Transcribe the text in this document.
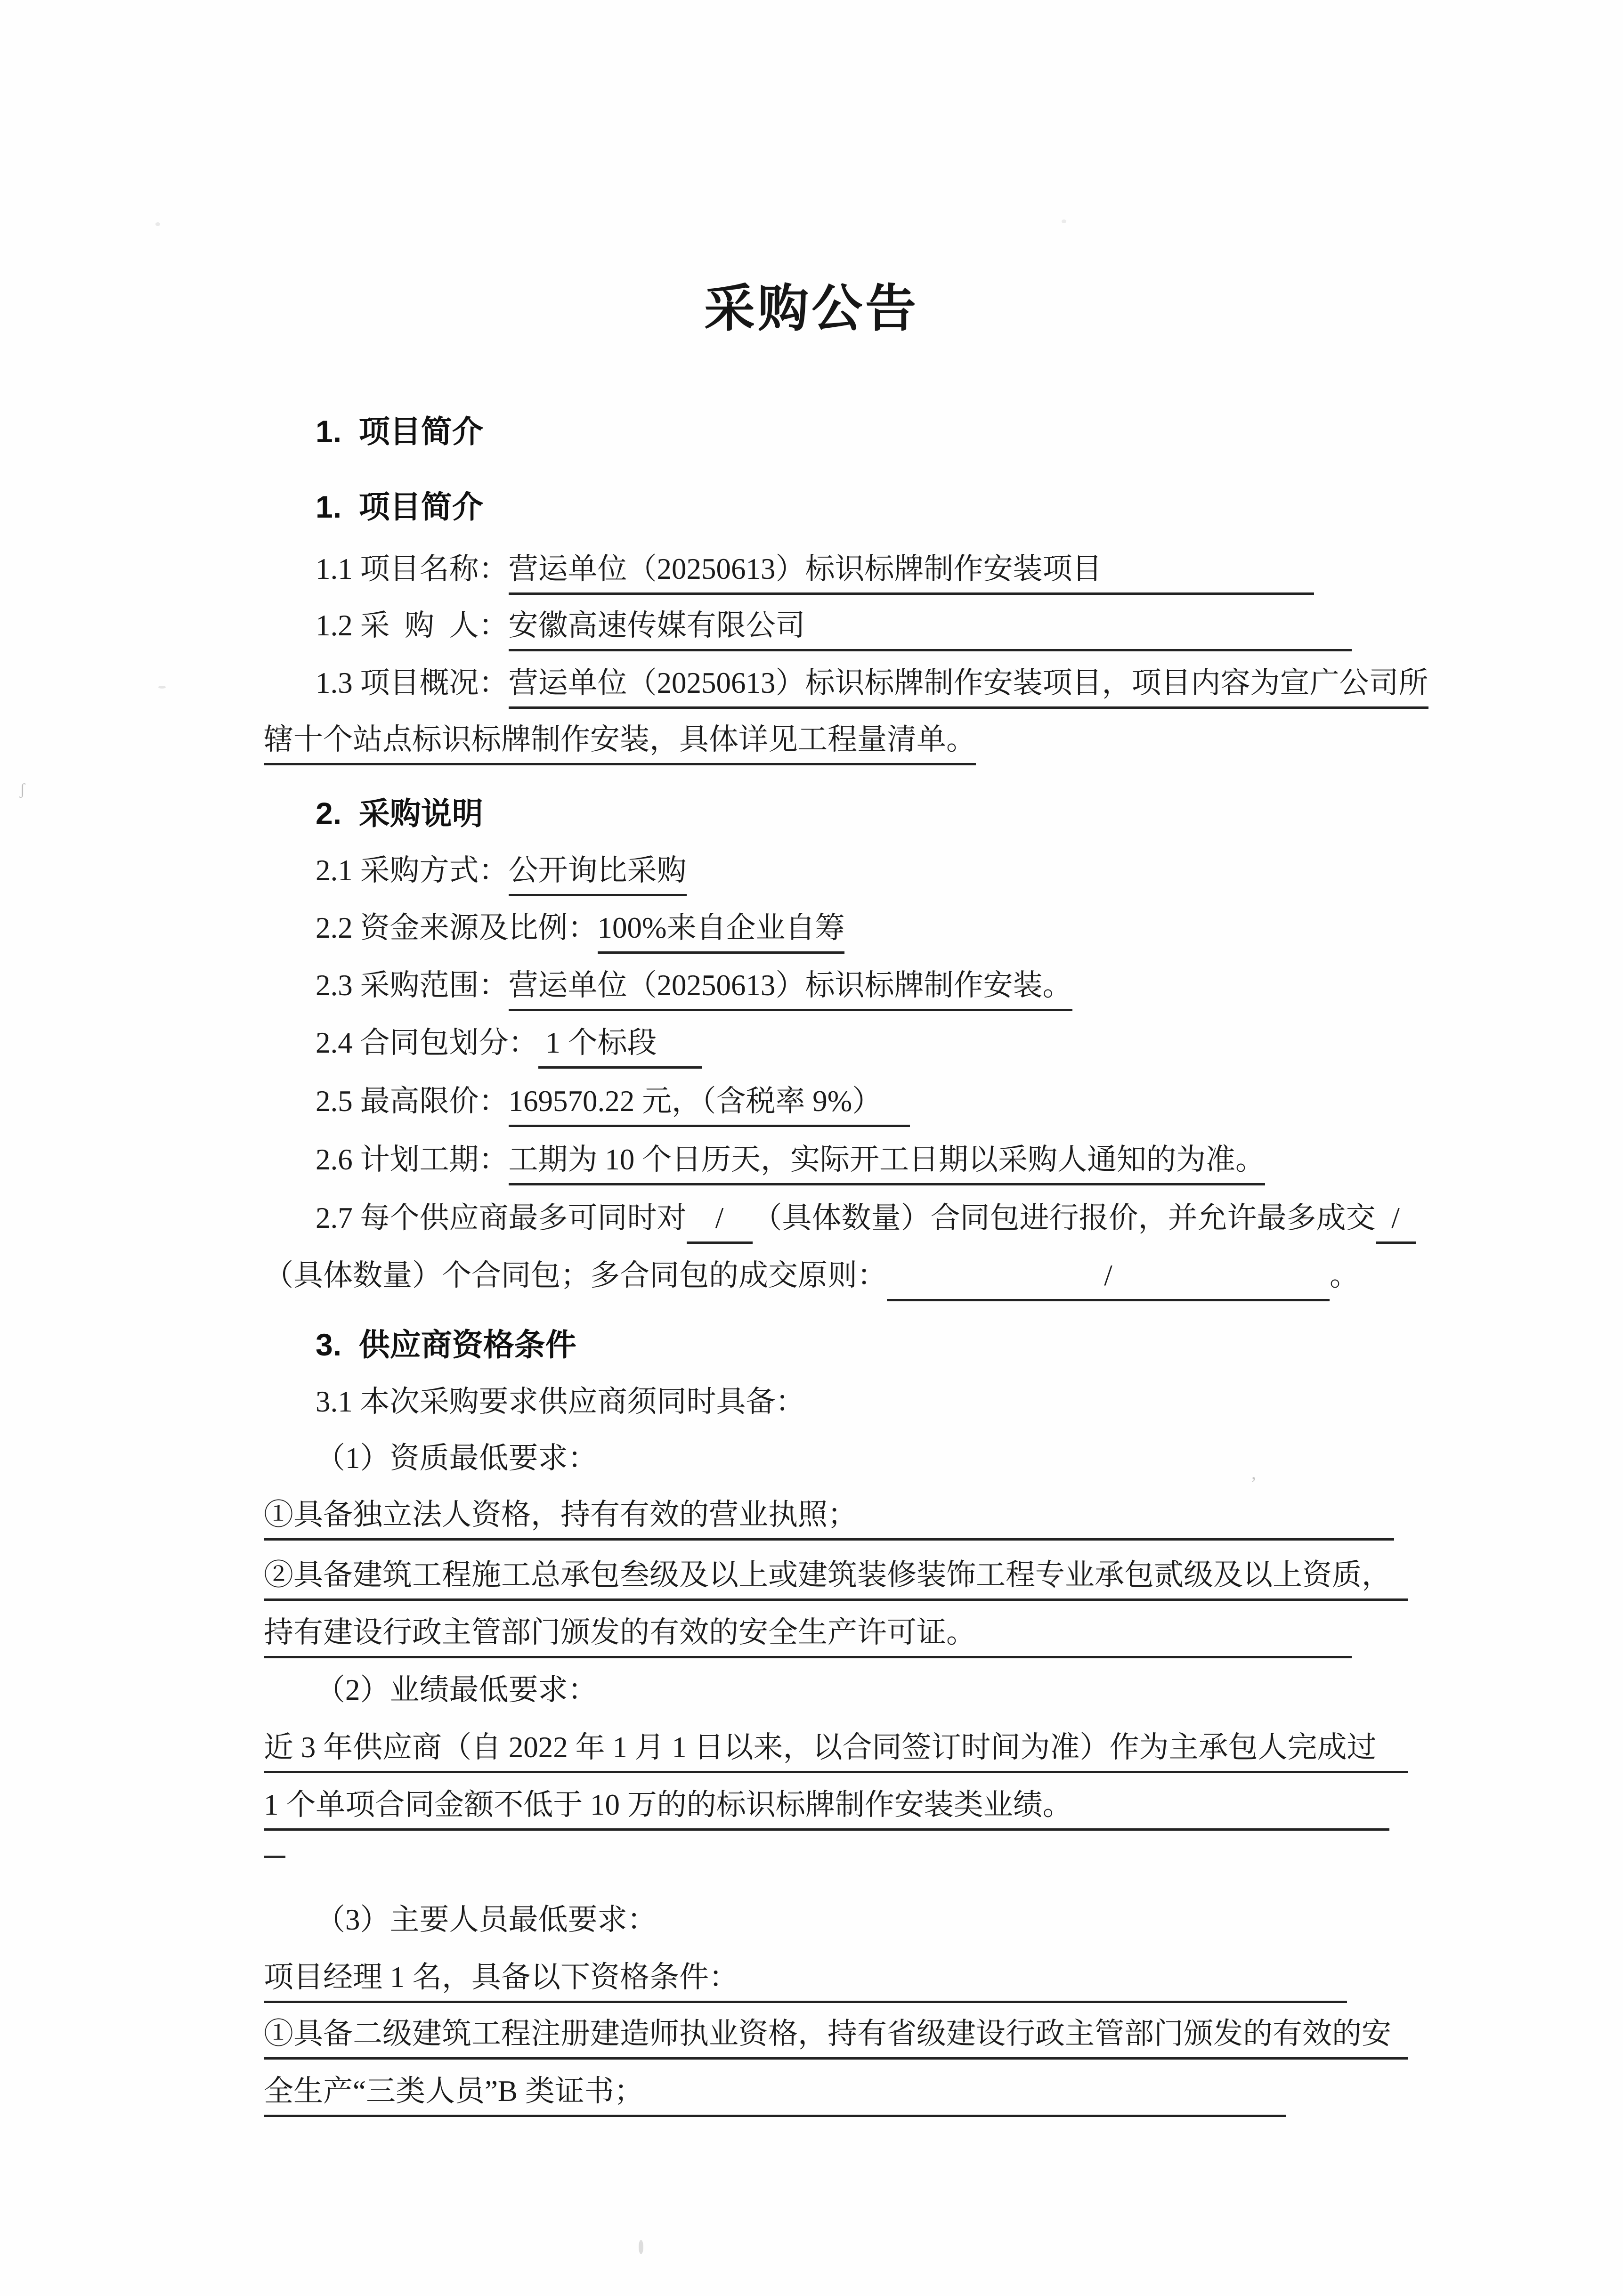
采购公告
1.  项目简介
1.  项目简介
1.1 项目名称： 营运单位（20250613）标识标牌制作安装项目
1.2 采  购  人： 安徽高速传媒有限公司
1.3 项目概况： 营运单位（20250613）标识标牌制作安装项目，项目内容为宣广公司所
辖十个站点标识标牌制作安装，具体详见工程量清单。
2.  采购说明
2.1 采购方式： 公开询比采购
2.2 资金来源及比例： 100%来自企业自筹
2.3 采购范围： 营运单位（20250613）标识标牌制作安装。
2.4 合同包划分： 1 个标段
2.5 最高限价： 169570.22 元，（含税率 9%）
2.6 计划工期： 工期为 10 个日历天，实际开工日期以采购人通知的为准。
2.7 每个供应商最多可同时对 / （具体数量）合同包进行报价，并允许最多成交 /
（具体数量）个合同包；多合同包的成交原则：	/	。
3.  供应商资格条件
3.1 本次采购要求供应商须同时具备：
（1）资质最低要求：
①具备独立法人资格，持有有效的营业执照；
②具备建筑工程施工总承包叁级及以上或建筑装修装饰工程专业承包贰级及以上资质，
持有建设行政主管部门颁发的有效的安全生产许可证。
（2）业绩最低要求：
近 3 年供应商（自 2022 年 1 月 1 日以来，以合同签订时间为准）作为主承包人完成过
1 个单项合同金额不低于 10 万的的标识标牌制作安装类业绩。
（3）主要人员最低要求：
项目经理 1 名，具备以下资格条件：
①具备二级建筑工程注册建造师执业资格，持有省级建设行政主管部门颁发的有效的安
全生产“三类人员”B 类证书；
ʃ
’
